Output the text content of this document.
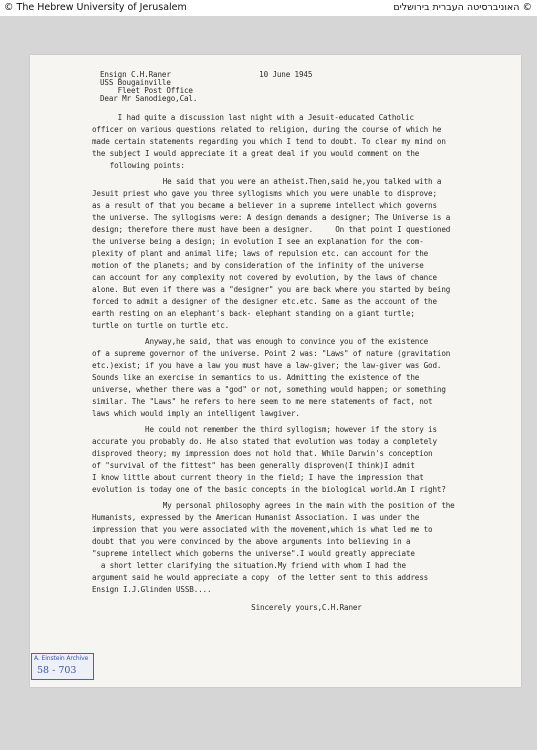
© The Hebrew University of Jerusalem	© האוניברסיטה העברית בירושלים
Ensign C.H.Raner                    10 June 1945
USS Bougainville
Fleet Post Office
Dear Mr Sanodiego,Cal.
I had quite a discussion last night with a Jesuit-educated Catholic
officer on various questions related to religion, during the course of which he
made certain statements regarding you which I tend to doubt. To clear my mind on
the subject I would appreciate it a great deal if you would comment on the
following points:
He said that you were an atheist.Then,said he,you talked with a
Jesuit priest who gave you three syllogisms which you were unable to disprove;
as a result of that you became a believer in a supreme intellect which governs
the universe. The syllogisms were: A design demands a designer; The Universe is a
design; therefore there must have been a designer.     On that point I questioned
the universe being a design; in evolution I see an explanation for the com-
plexity of plant and animal life; laws of repulsion etc. can account for the
motion of the planets; and by consideration of the infinity of the universe
can account for any complexity not covered by evolution, by the laws of chance
alone. But even if there was a "designer" you are back where you started by being
forced to admit a designer of the designer etc.etc. Same as the account of the
earth resting on an elephant's back- elephant standing on a giant turtle;
turtle on turtle on turtle etc.
Anyway,he said, that was enough to convince you of the existence
of a supreme governor of the universe. Point 2 was: "Laws" of nature (gravitation
etc.)exist; if you have a law you must have a law-giver; the law-giver was God.
Sounds like an exercise in semantics to us. Admitting the existence of the
universe, whether there was a "god" or not, something would happen; or something
similar. The "Laws" he refers to here seem to me mere statements of fact, not
laws which would imply an intelligent lawgiver.
He could not remember the third syllogism; however if the story is
accurate you probably do. He also stated that evolution was today a completely
disproved theory; my impression does not hold that. While Darwin's conception
of "survival of the fittest" has been generally disproven(I think)I admit
I know little about current theory in the field; I have the impression that
evolution is today one of the basic concepts in the biological world.Am I right?
My personal philosophy agrees in the main with the position of the
Humanists, expressed by the American Humanist Association. I was under the
impression that you were associated with the movement,which is what led me to
doubt that you were convinced by the above arguments into believing in a
"supreme intellect which goberns the universe".I would greatly appreciate
a short letter clarifying the situation.My friend with whom I had the
argument said he would appreciate a copy  of the letter sent to this address
Ensign I.J.Glinden USSB....
Sincerely yours,C.H.Raner
A. Einstein Archive
58 - 703
